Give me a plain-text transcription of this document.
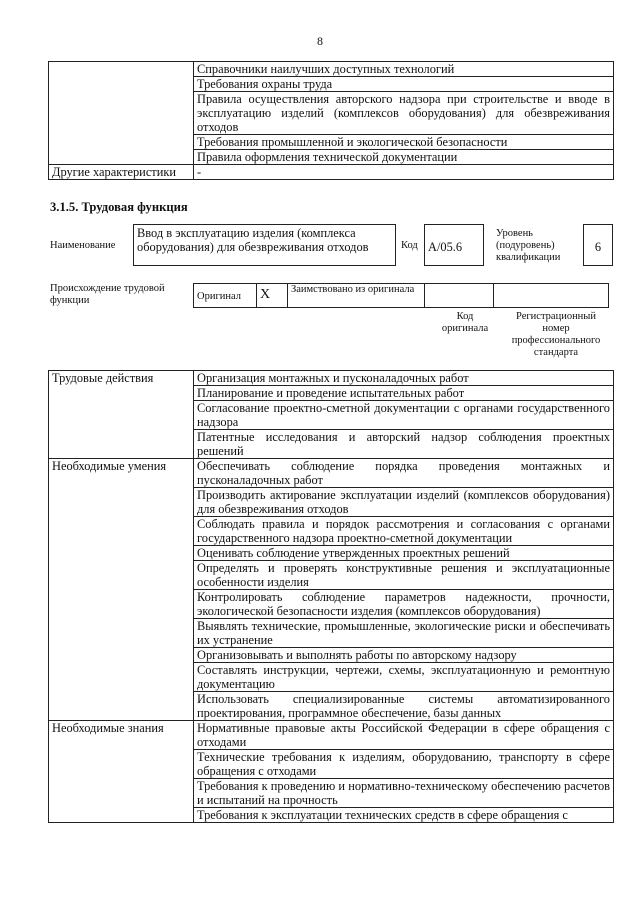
8
	Справочники наилучших доступных технологий
	Требования охраны труда
	Правила осуществления авторского надзора при строительстве и вводе в эксплуатацию изделий (комплексов оборудования) для обезвреживания отходов
	Требования промышленной и экологической безопасности
	Правила оформления технической документации
Другие характеристики	-
3.1.5. Трудовая функция
Наименование
Ввод в эксплуатацию изделия (комплекса оборудования) для обезвреживания отходов	Код A/05.6
Уровень (подуровень) квалификации
6
Происхождение трудовой функции	Оригинал	X	Заимствовано из оригинала		
Код оригинала
Регистрационный номер профессионального стандарта
Трудовые действия	Организация монтажных и пусконаладочных работ
	Планирование и проведение испытательных работ
	Согласование проектно-сметной документации с органами государственного надзора
	Патентные исследования и авторский надзор соблюдения проектных решений
Необходимые умения	Обеспечивать соблюдение порядка проведения монтажных и пусконаладочных работ
	Производить актирование эксплуатации изделий (комплексов оборудования) для обезвреживания отходов
	Соблюдать правила и порядок рассмотрения и согласования с органами государственного надзора проектно-сметной документации
	Оценивать соблюдение утвержденных проектных решений
	Определять и проверять конструктивные решения и эксплуатационные особенности изделия
	Контролировать соблюдение параметров надежности, прочности, экологической безопасности изделия (комплексов оборудования)
	Выявлять технические, промышленные, экологические риски и обеспечивать их устранение
	Организовывать и выполнять работы по авторскому надзору
	Составлять инструкции, чертежи, схемы, эксплуатационную и ремонтную документацию
	Использовать специализированные системы автоматизированного проектирования, программное обеспечение, базы данных
Необходимые знания	Нормативные правовые акты Российской Федерации в сфере обращения с отходами
	Технические требования к изделиям, оборудованию, транспорту в сфере обращения с отходами
	Требования к проведению и нормативно-техническому обеспечению расчетов и испытаний на прочность
	Требования к эксплуатации технических средств в сфере обращения с
